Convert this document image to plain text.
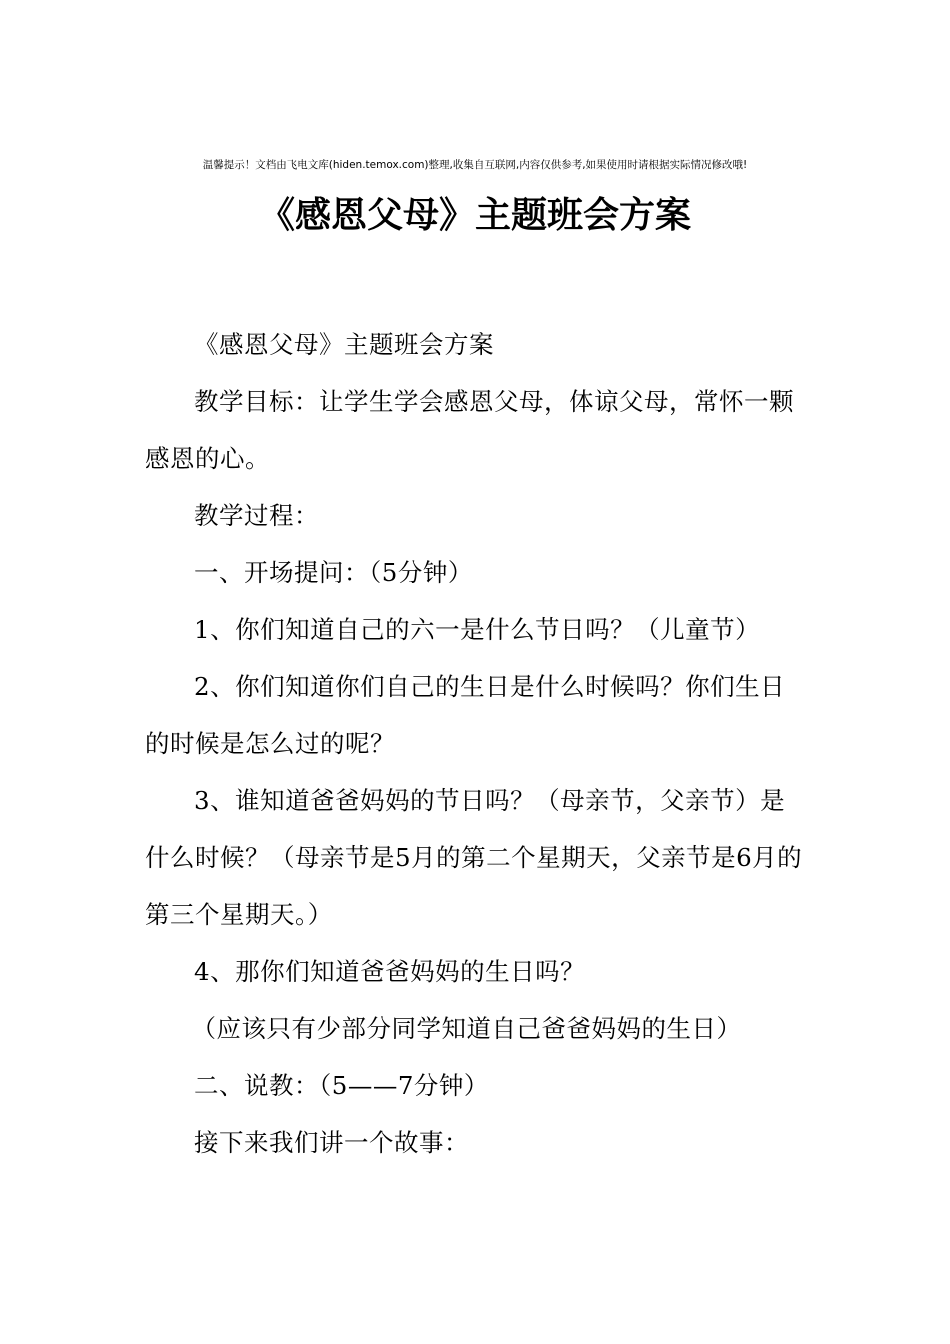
温馨提示！文档由飞电文库(hiden.temox.com)整理,收集自互联网,内容仅供参考,如果使用时请根据实际情况修改哦!
《感恩父母》主题班会方案

《感恩父母》主题班会方案

教学目标：让学生学会感恩父母，体谅父母，常怀一颗感恩的心。

教学过程：

一、开场提问：（5分钟）

1、你们知道自己的六一是什么节日吗？（儿童节）

2、你们知道你们自己的生日是什么时候吗？你们生日的时候是怎么过的呢？

3、谁知道爸爸妈妈的节日吗？（母亲节，父亲节）是什么时候？（母亲节是5月的第二个星期天，父亲节是6月的第三个星期天。）

4、那你们知道爸爸妈妈的生日吗？

（应该只有少部分同学知道自己爸爸妈妈的生日）

二、说教：（5——7分钟）

接下来我们讲一个故事：
